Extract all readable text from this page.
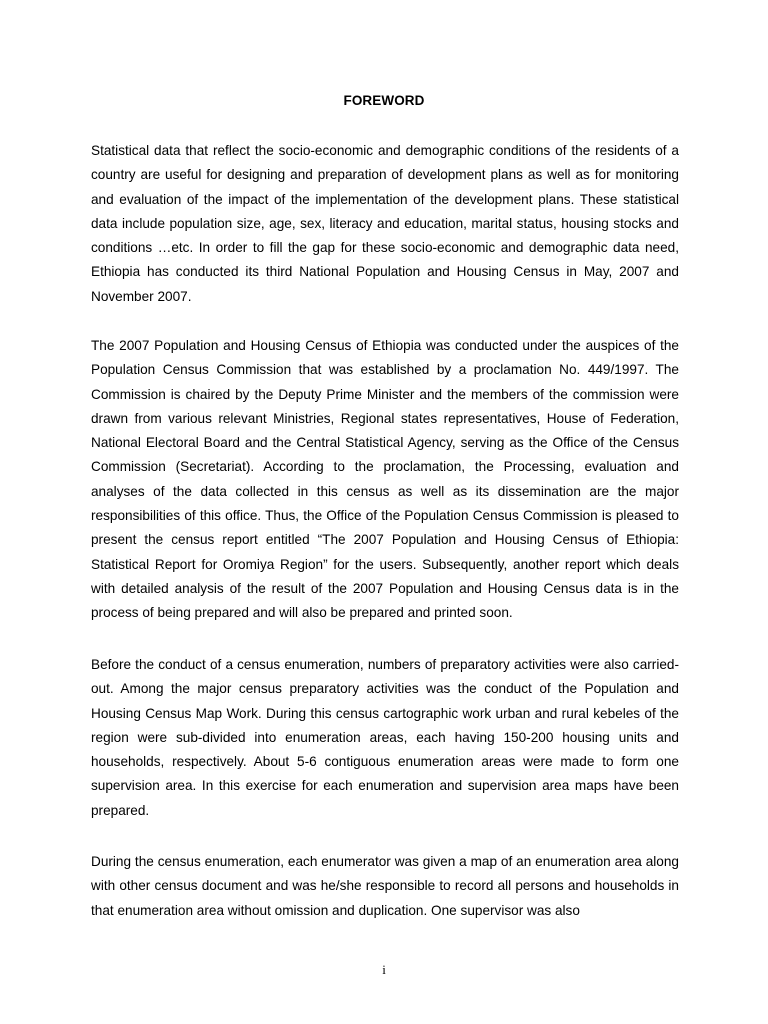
FOREWORD

Statistical data that reflect the socio-economic and demographic conditions of the residents of a country are useful for designing and preparation of development plans as well as for monitoring and evaluation of the impact of the implementation of the development plans. These statistical data include population size, age, sex, literacy and education, marital status, housing stocks and conditions …etc. In order to fill the gap for these socio-economic and demographic data need, Ethiopia has conducted its third National Population and Housing Census in May, 2007 and November 2007.

The 2007 Population and Housing Census of Ethiopia was conducted under the auspices of the Population Census Commission that was established by a proclamation No. 449/1997. The Commission is chaired by the Deputy Prime Minister and the members of the commission were drawn from various relevant Ministries, Regional states representatives, House of Federation, National Electoral Board and the Central Statistical Agency, serving as the Office of the Census Commission (Secretariat). According to the proclamation, the Processing, evaluation and analyses of the data collected in this census as well as its dissemination are the major responsibilities of this office. Thus, the Office of the Population Census Commission is pleased to present the census report entitled “The 2007 Population and Housing Census of Ethiopia: Statistical Report for Oromiya Region” for the users. Subsequently, another report which deals with detailed analysis of the result of the 2007 Population and Housing Census data is in the process of being prepared and will also be prepared and printed soon.

Before the conduct of a census enumeration, numbers of preparatory activities were also carried-out. Among the major census preparatory activities was the conduct of the Population and Housing Census Map Work. During this census cartographic work urban and rural kebeles of the region were sub-divided into enumeration areas, each having 150-200 housing units and households, respectively. About 5-6 contiguous enumeration areas were made to form one supervision area. In this exercise for each enumeration and supervision area maps have been prepared.

During the census enumeration, each enumerator was given a map of an enumeration area along with other census document and was he/she responsible to record all persons and households in that enumeration area without omission and duplication. One supervisor was also

i
